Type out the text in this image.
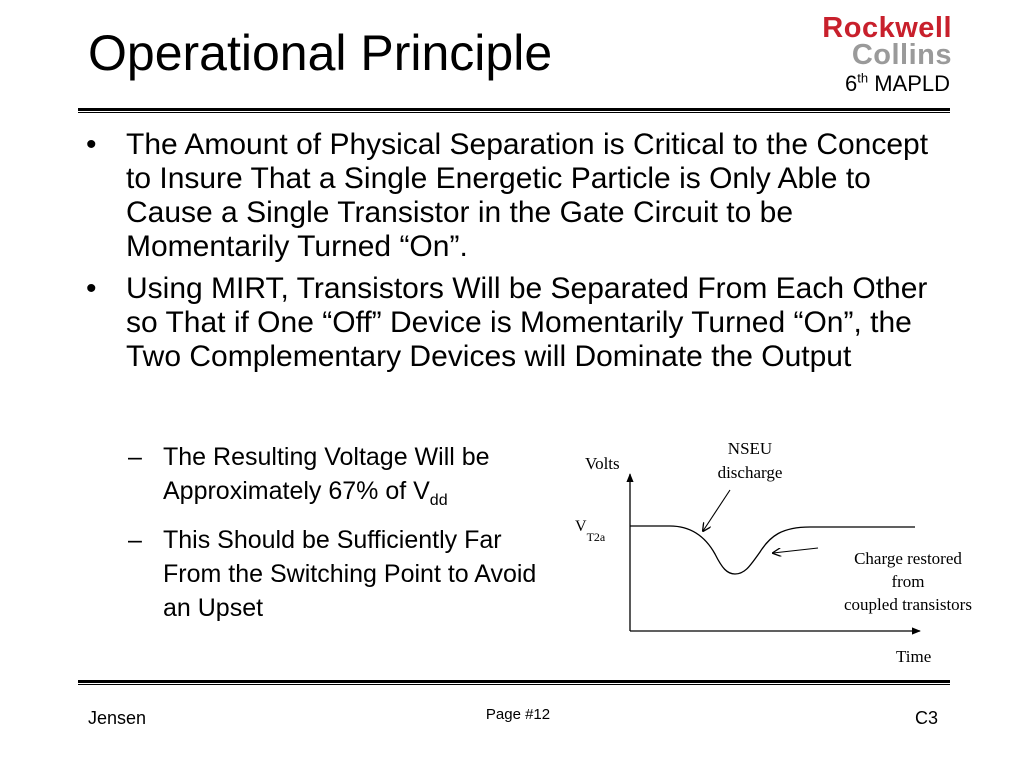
Operational Principle	Rockwell
Collins
6th MAPLD
• The Amount of Physical Separation is Critical to the Concept to Insure That a Single Energetic Particle is Only Able to Cause a Single Transistor in the Gate Circuit to be Momentarily Turned “On”.
• Using MIRT, Transistors Will be Separated From Each Other so That if One “Off” Device is Momentarily Turned “On”, the Two Complementary Devices will Dominate the Output
– The Resulting Voltage Will be Approximately 67% of $V_{dd}$
– This Should be Sufficiently Far From the Switching Point to Avoid an Upset
Volts
Time
$V_{T2a}$
NSEU
discharge
Charge restored
from
coupled transistors
Jensen	Page #12	C3
